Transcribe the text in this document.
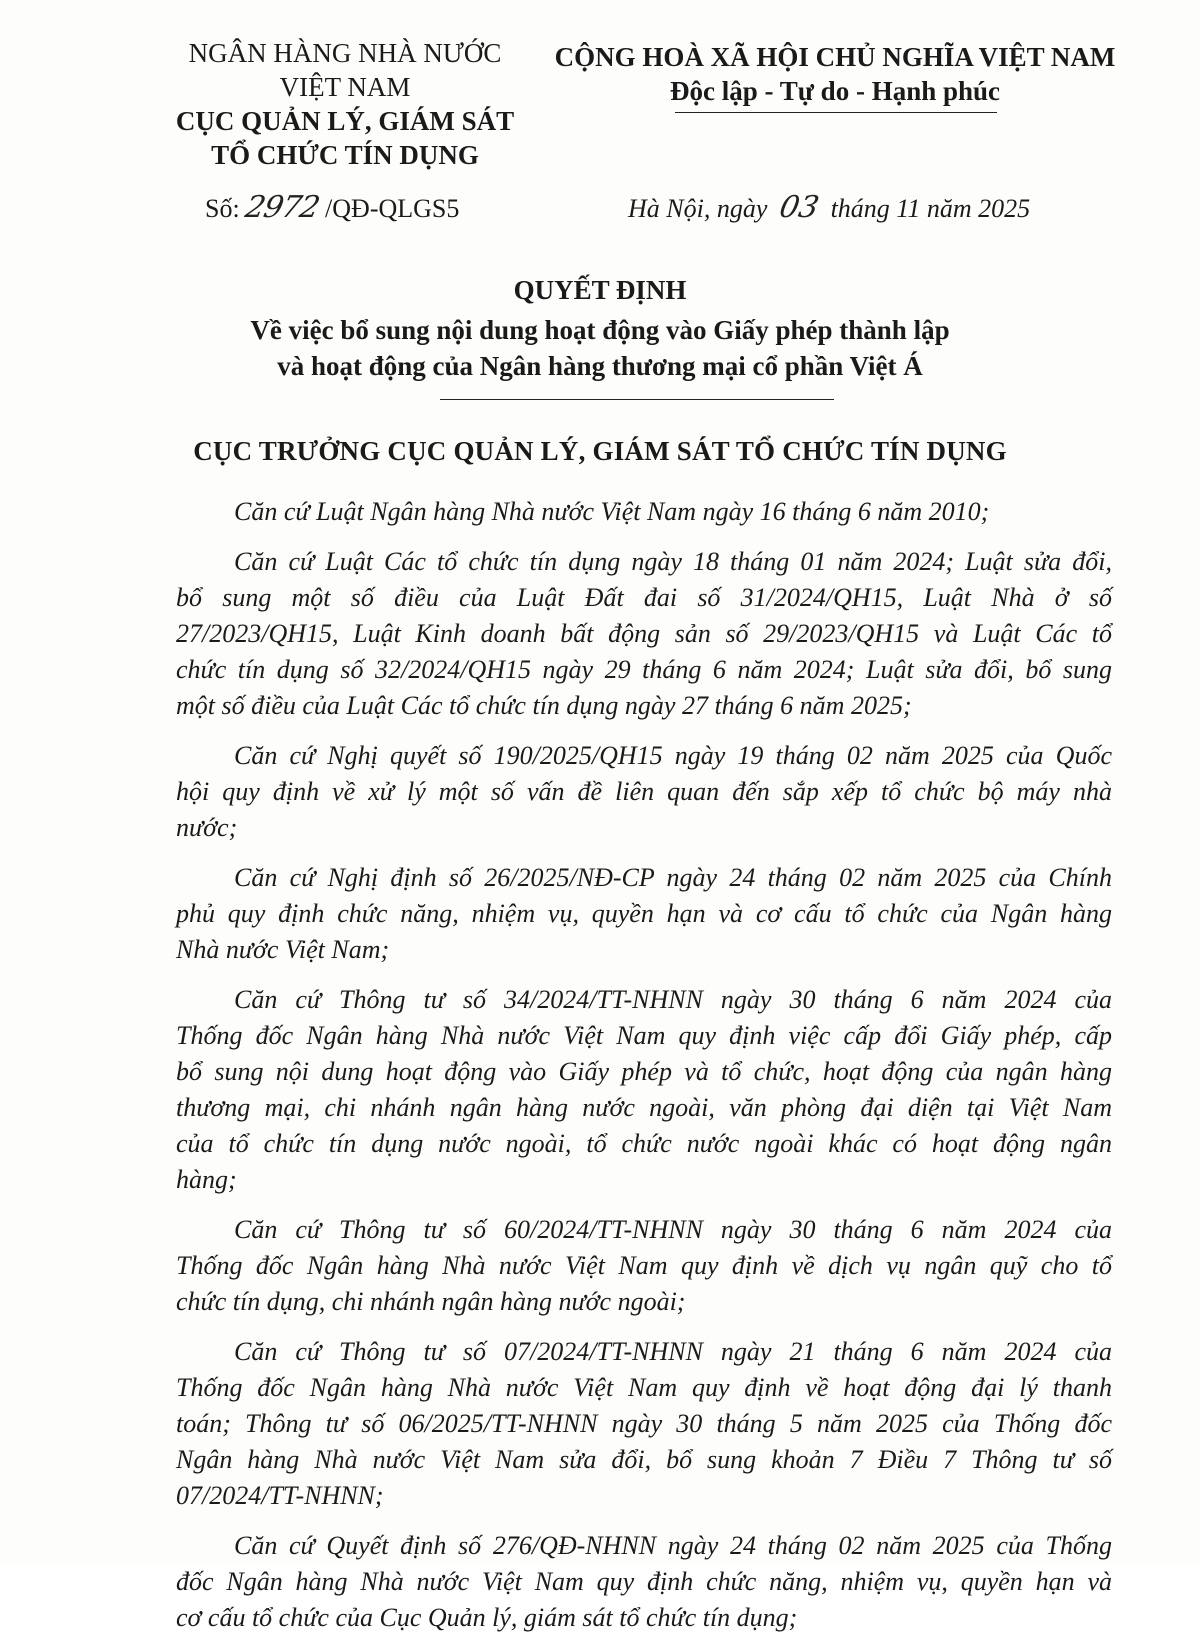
NGÂN HÀNG NHÀ NƯỚC
VIỆT NAM
CỤC QUẢN LÝ, GIÁM SÁT
TỔ CHỨC TÍN DỤNG
CỘNG HOÀ XÃ HỘI CHỦ NGHĨA VIỆT NAM
Độc lập - Tự do - Hạnh phúc
Số: 2972 /QĐ-QLGS5	Hà Nội, ngày 03 tháng 11 năm 2025
QUYẾT ĐỊNH
Về việc bổ sung nội dung hoạt động vào Giấy phép thành lập
và hoạt động của Ngân hàng thương mại cổ phần Việt Á
CỤC TRƯỞNG CỤC QUẢN LÝ, GIÁM SÁT TỔ CHỨC TÍN DỤNG
Căn cứ Luật Ngân hàng Nhà nước Việt Nam ngày 16 tháng 6 năm 2010;
Căn cứ Luật Các tổ chức tín dụng ngày 18 tháng 01 năm 2024; Luật sửa đổi,
bổ sung một số điều của Luật Đất đai số 31/2024/QH15, Luật Nhà ở số
27/2023/QH15, Luật Kinh doanh bất động sản số 29/2023/QH15 và Luật Các tổ
chức tín dụng số 32/2024/QH15 ngày 29 tháng 6 năm 2024; Luật sửa đổi, bổ sung
một số điều của Luật Các tổ chức tín dụng ngày 27 tháng 6 năm 2025;
Căn cứ Nghị quyết số 190/2025/QH15 ngày 19 tháng 02 năm 2025 của Quốc
hội quy định về xử lý một số vấn đề liên quan đến sắp xếp tổ chức bộ máy nhà
nước;
Căn cứ Nghị định số 26/2025/NĐ-CP ngày 24 tháng 02 năm 2025 của Chính
phủ quy định chức năng, nhiệm vụ, quyền hạn và cơ cấu tổ chức của Ngân hàng
Nhà nước Việt Nam;
Căn cứ Thông tư số 34/2024/TT-NHNN ngày 30 tháng 6 năm 2024 của
Thống đốc Ngân hàng Nhà nước Việt Nam quy định việc cấp đổi Giấy phép, cấp
bổ sung nội dung hoạt động vào Giấy phép và tổ chức, hoạt động của ngân hàng
thương mại, chi nhánh ngân hàng nước ngoài, văn phòng đại diện tại Việt Nam
của tổ chức tín dụng nước ngoài, tổ chức nước ngoài khác có hoạt động ngân
hàng;
Căn cứ Thông tư số 60/2024/TT-NHNN ngày 30 tháng 6 năm 2024 của
Thống đốc Ngân hàng Nhà nước Việt Nam quy định về dịch vụ ngân quỹ cho tổ
chức tín dụng, chi nhánh ngân hàng nước ngoài;
Căn cứ Thông tư số 07/2024/TT-NHNN ngày 21 tháng 6 năm 2024 của
Thống đốc Ngân hàng Nhà nước Việt Nam quy định về hoạt động đại lý thanh
toán; Thông tư số 06/2025/TT-NHNN ngày 30 tháng 5 năm 2025 của Thống đốc
Ngân hàng Nhà nước Việt Nam sửa đổi, bổ sung khoản 7 Điều 7 Thông tư số
07/2024/TT-NHNN;
Căn cứ Quyết định số 276/QĐ-NHNN ngày 24 tháng 02 năm 2025 của Thống
đốc Ngân hàng Nhà nước Việt Nam quy định chức năng, nhiệm vụ, quyền hạn và
cơ cấu tổ chức của Cục Quản lý, giám sát tổ chức tín dụng;
